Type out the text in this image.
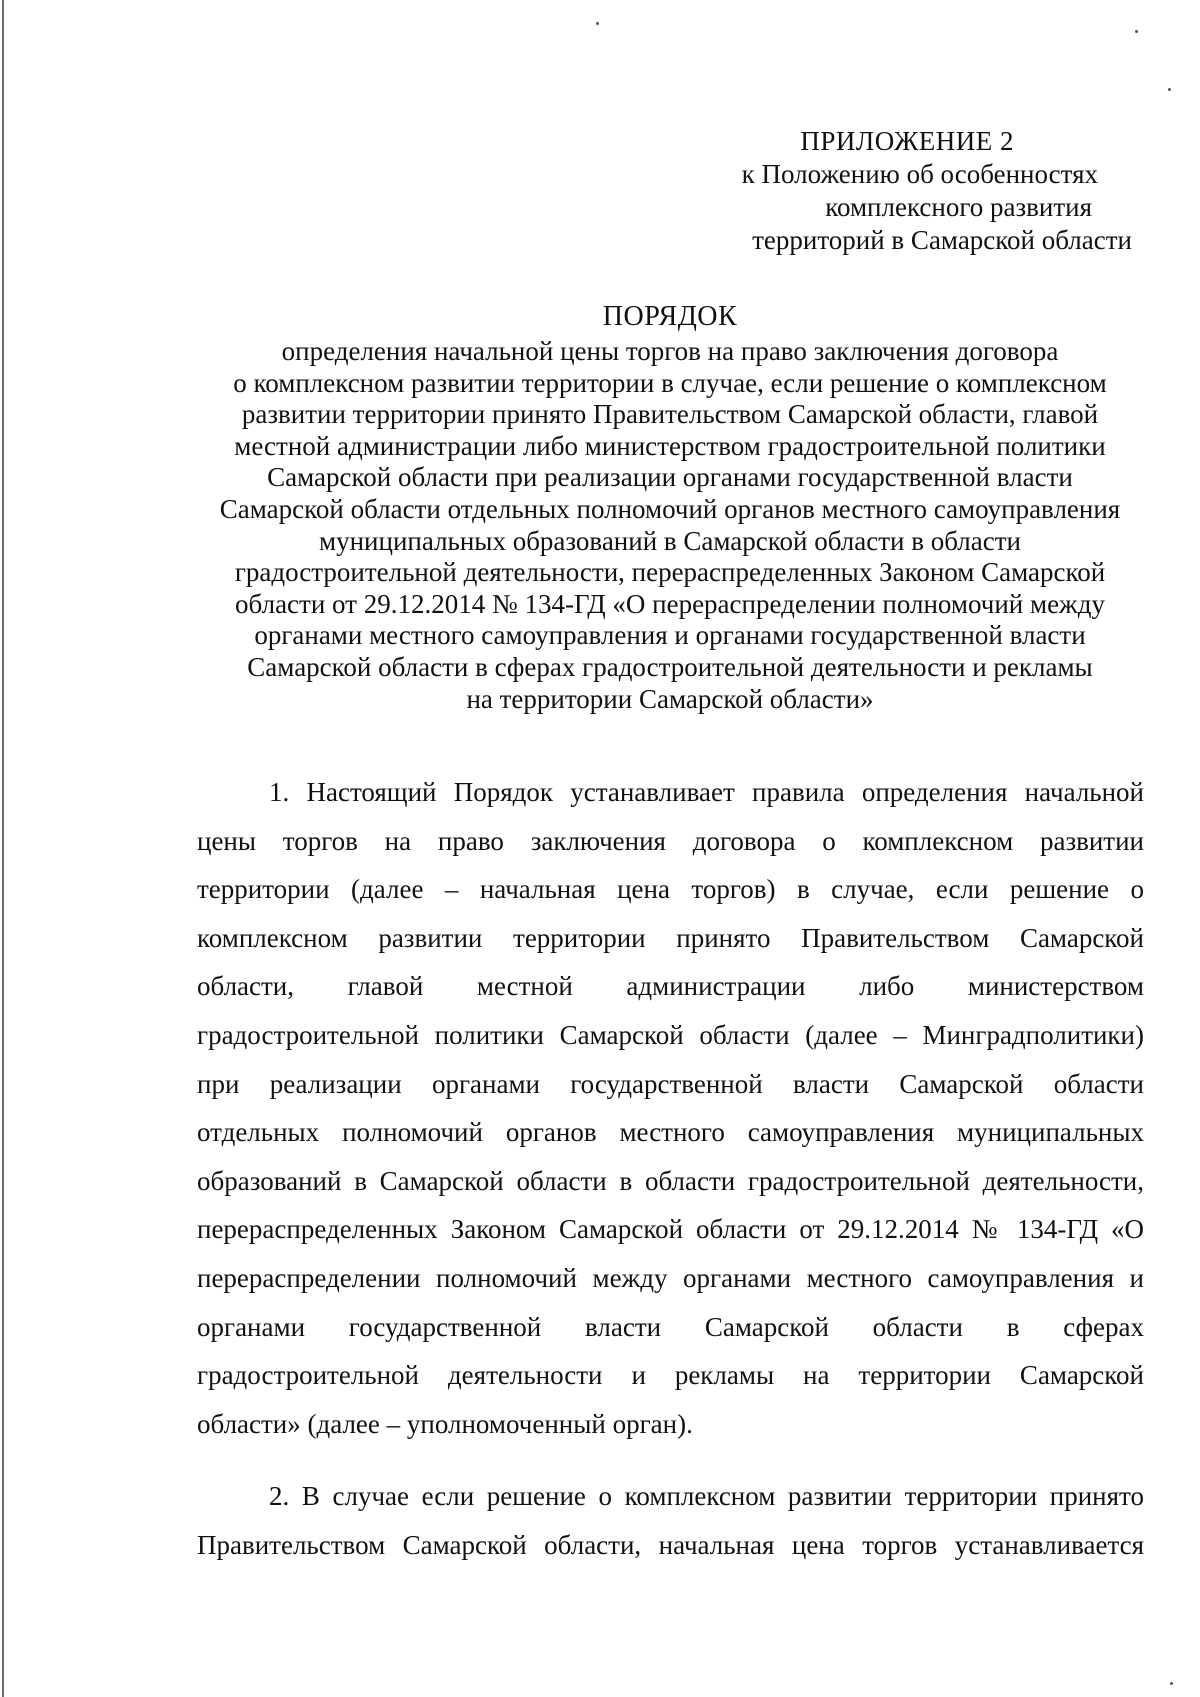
ПРИЛОЖЕНИЕ 2
к Положению об особенностях
комплексного развития
территорий в Самарской области
ПОРЯДОК
определения начальной цены торгов на право заключения договора
о комплексном развитии территории в случае, если решение о комплексном
развитии территории принято Правительством Самарской области, главой
местной администрации либо министерством градостроительной политики
Самарской области при реализации органами государственной власти
Самарской области отдельных полномочий органов местного самоуправления
муниципальных образований в Самарской области в области
градостроительной деятельности, перераспределенных Законом Самарской
области от 29.12.2014 № 134-ГД «О перераспределении полномочий между
органами местного самоуправления и органами государственной власти
Самарской области в сферах градостроительной деятельности и рекламы
на территории Самарской области»
1. Настоящий Порядок устанавливает правила определения начальной
цены торгов на право заключения договора о комплексном развитии
территории (далее – начальная цена торгов) в случае, если решение о
комплексном развитии территории принято Правительством Самарской
области, главой местной администрации либо министерством
градостроительной политики Самарской области (далее – Минградполитики)
при реализации органами государственной власти Самарской области
отдельных полномочий органов местного самоуправления муниципальных
образований в Самарской области в области градостроительной деятельности,
перераспределенных Законом Самарской области от 29.12.2014 № 134-ГД «О
перераспределении полномочий между органами местного самоуправления и
органами государственной власти Самарской области в сферах
градостроительной деятельности и рекламы на территории Самарской
области» (далее – уполномоченный орган).
2. В случае если решение о комплексном развитии территории принято
Правительством Самарской области, начальная цена торгов устанавливается
